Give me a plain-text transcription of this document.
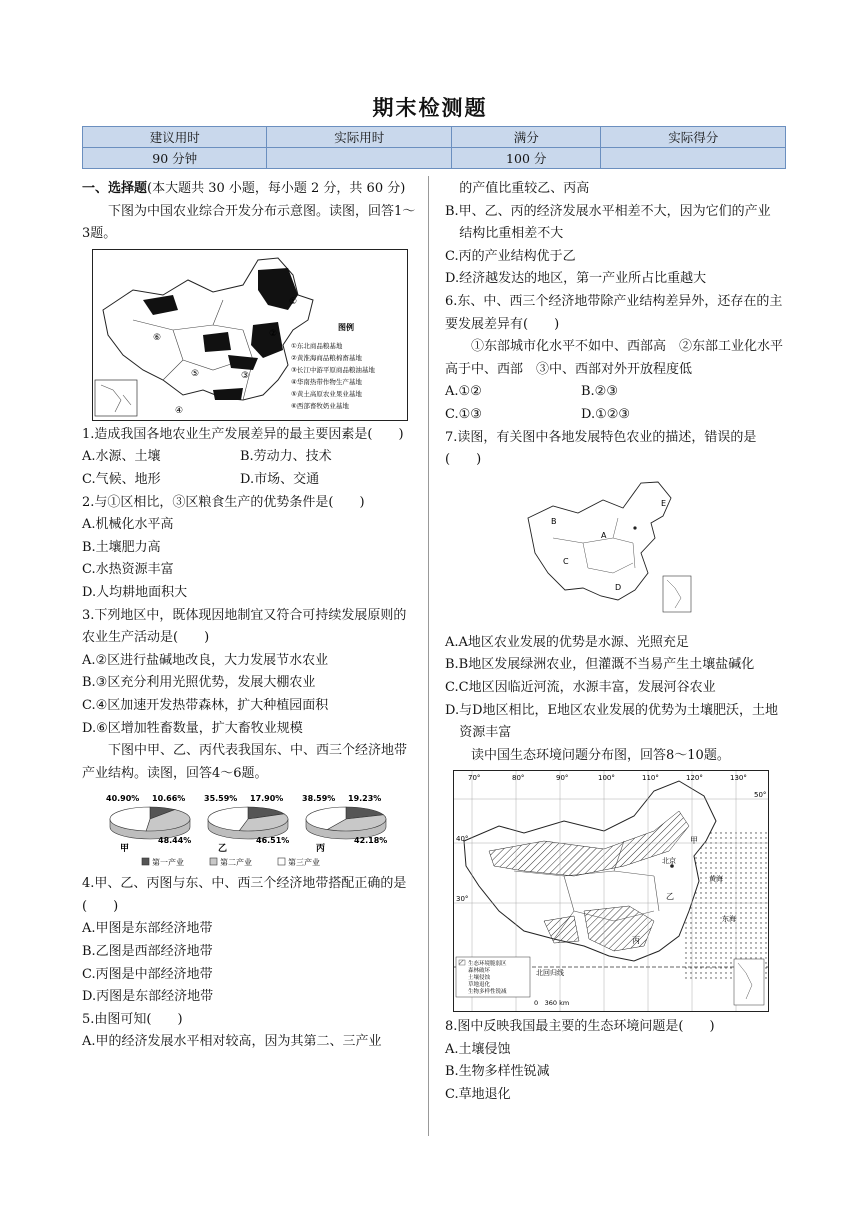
期末检测题
建议用时	实际用时	满分	实际得分
90 分钟		100 分	

一、选择题(本大题共 30 小题，每小题 2 分，共 60 分)

下图为中国农业综合开发分布示意图。读图，回答1～3题。

①
②
③
④
⑤
⑥
图例
①东北商品粮基地
②黄淮海商品粮棉畜基地
③长江中游平原商品粮油基地
④华南热带作物生产基地
⑤黄土高原农业果业基地
⑥西部畜牧奶业基地

1.造成我国各地农业生产发展差异的最主要因素是(　　)

A.水源、土壤	B.劳动力、技术

C.气候、地形	D.市场、交通

2.与①区相比，③区粮食生产的优势条件是(　　)

A.机械化水平高

B.土壤肥力高

C.水热资源丰富

D.人均耕地面积大

3.下列地区中，既体现因地制宜又符合可持续发展原则的农业生产活动是(　　)

A.②区进行盐碱地改良，大力发展节水农业

B.③区充分利用光照优势，发展大棚农业

C.④区加速开发热带森林，扩大种植园面积

D.⑥区增加牲畜数量，扩大畜牧业规模

下图中甲、乙、丙代表我国东、中、西三个经济地带产业结构。读图，回答4～6题。

40.90% 10.66%
48.44%
甲
35.59% 17.90%
46.51%
乙
38.59% 19.23%
42.18%
丙
第一产业	第二产业	第三产业

4.甲、乙、丙图与东、中、西三个经济地带搭配正确的是(　　)

A.甲图是东部经济地带

B.乙图是西部经济地带

C.丙图是中部经济地带

D.丙图是东部经济地带

5.由图可知(　　)

A.甲的经济发展水平相对较高，因为其第二、三产业

的产值比重较乙、丙高

B.甲、乙、丙的经济发展水平相差不大，因为它们的产业结构比重相差不大

C.丙的产业结构优于乙

D.经济越发达的地区，第一产业所占比重越大

6.东、中、西三个经济地带除产业结构差异外，还存在的主要发展差异有(　　)

①东部城市化水平不如中、西部高　②东部工业化水平高于中、西部　③中、西部对外开放程度低

A.①②	B.②③

C.①③	D.①②③

7.读图，有关图中各地发展特色农业的描述，错误的是(　　)

A
B
C
D
E

A.A地区农业发展的优势是水源、光照充足

B.B地区发展绿洲农业，但灌溉不当易产生土壤盐碱化

C.C地区因临近河流，水源丰富，发展河谷农业

D.与D地区相比，E地区农业发展的优势为土壤肥沃，土地资源丰富

读中国生态环境问题分布图，回答8～10题。

70°	80°	90°	100°	110°	120°	130°
50°
40°
30°
北京
黄海
东海
甲
乙
丙
北回归线
生态环境脆弱区
森林破坏
土壤侵蚀
草地退化
生物多样性锐减
0　360 km

8.图中反映我国最主要的生态环境问题是(　　)

A.土壤侵蚀

B.生物多样性锐减

C.草地退化
